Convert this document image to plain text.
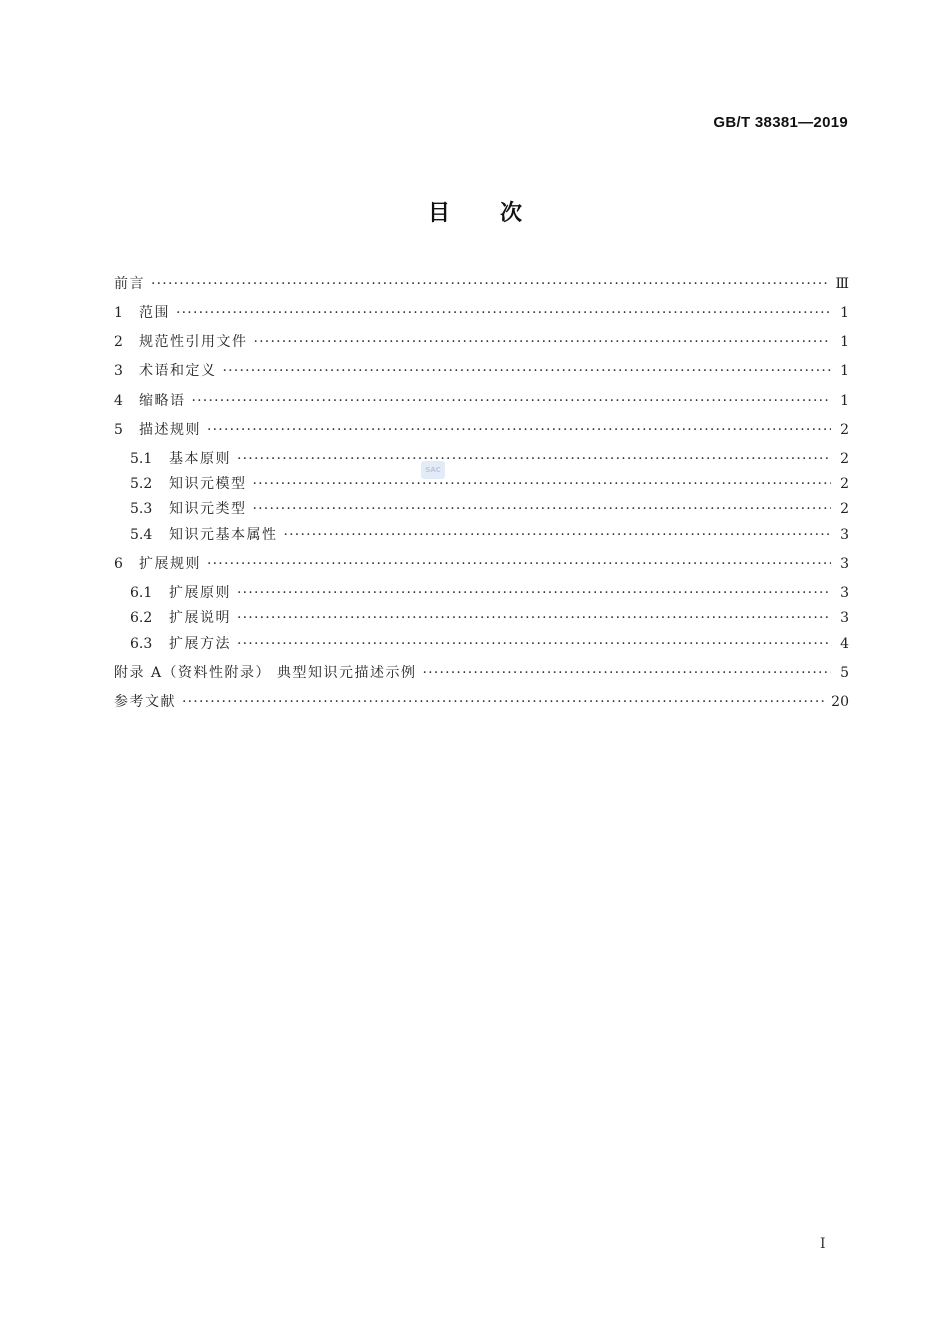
GB/T 38381—2019
目次
前言 ·····	Ⅲ
1	范围 ·····	1
2	规范性引用文件 ·····	1
3	术语和定义 ·····	1
4	缩略语 ·····	1
5	描述规则 ·····	2
5.1	基本原则 ·····	2
5.2	知识元模型 ·····	2
5.3	知识元类型 ·····	2
5.4	知识元基本属性 ·····	3
6	扩展规则 ·····	3
6.1	扩展原则 ·····	3
6.2	扩展说明 ·····	3
6.3	扩展方法 ·····	4
附录 A（资料性附录） 典型知识元描述示例 ·····	5
参考文献 ·····	20
SAC
I
